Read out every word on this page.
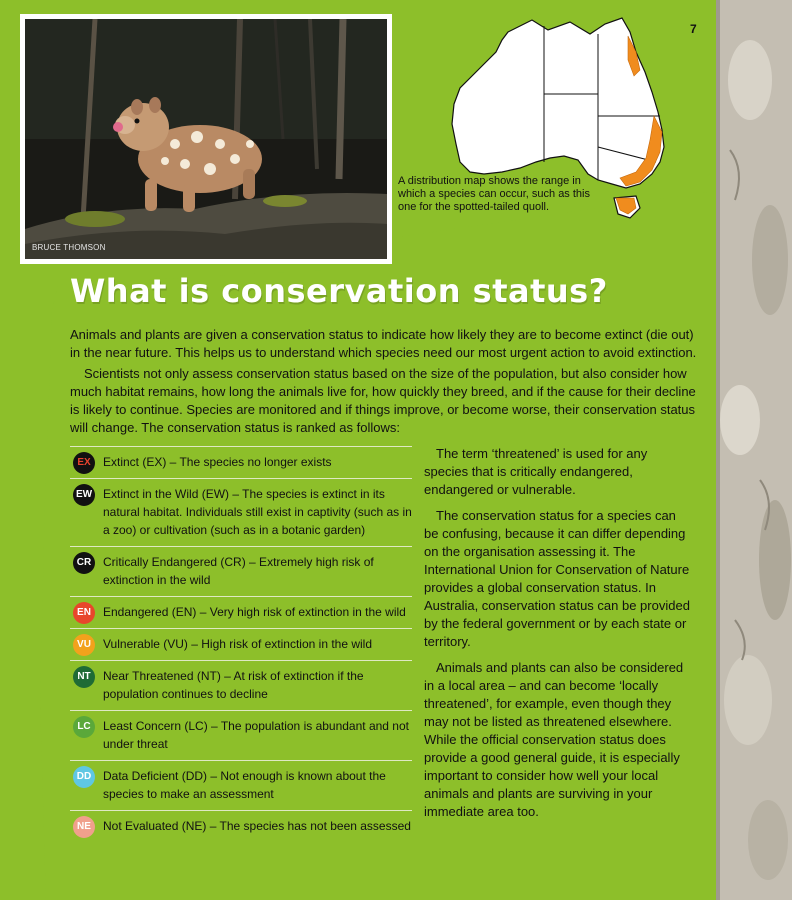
BRUCE THOMSON
7
A distribution map shows the range in which a species can occur, such as this one for the spotted-tailed quoll.
What is conservation status?

Animals and plants are given a conservation status to indicate how likely they are to become extinct (die out) in the near future. This helps us to understand which species need our most urgent action to avoid extinction.

Scientists not only assess conservation status based on the size of the population, but also consider how much habitat remains, how long the animals live for, how quickly they breed, and if the cause for their decline is likely to continue. Species are monitored and if things improve, or become worse, their conservation status will change. The conservation status is ranked as follows:

EX	Extinct (EX) – The species no longer exists
EW Extinct in the Wild (EW) – The species is extinct in its natural habitat. Individuals still exist in captivity (such as in a zoo) or cultivation (such as in a botanic garden)
CR Critically Endangered (CR) – Extremely high risk of extinction in the wild
EN	Endangered (EN) – Very high risk of extinction in the wild
VU	Vulnerable (VU) – High risk of extinction in the wild
NT	Near Threatened (NT) – At risk of extinction if the population continues to decline
LC	Least Concern (LC) – The population is abundant and not under threat
DD Data Deficient (DD) – Not enough is known about the species to make an assessment
NE	Not Evaluated (NE) – The species has not been assessed

The term ‘threatened’ is used for any species that is critically endangered, endangered or vulnerable.

The conservation status for a species can be confusing, because it can differ depending on the organisation assessing it. The International Union for Conservation of Nature provides a global conservation status. In Australia, conservation status can be provided by the federal government or by each state or territory.

Animals and plants can also be considered in a local area – and can become ‘locally threatened’, for example, even though they may not be listed as threatened elsewhere. While the official conservation status does provide a good general guide, it is especially important to consider how well your local animals and plants are surviving in your immediate area too.
